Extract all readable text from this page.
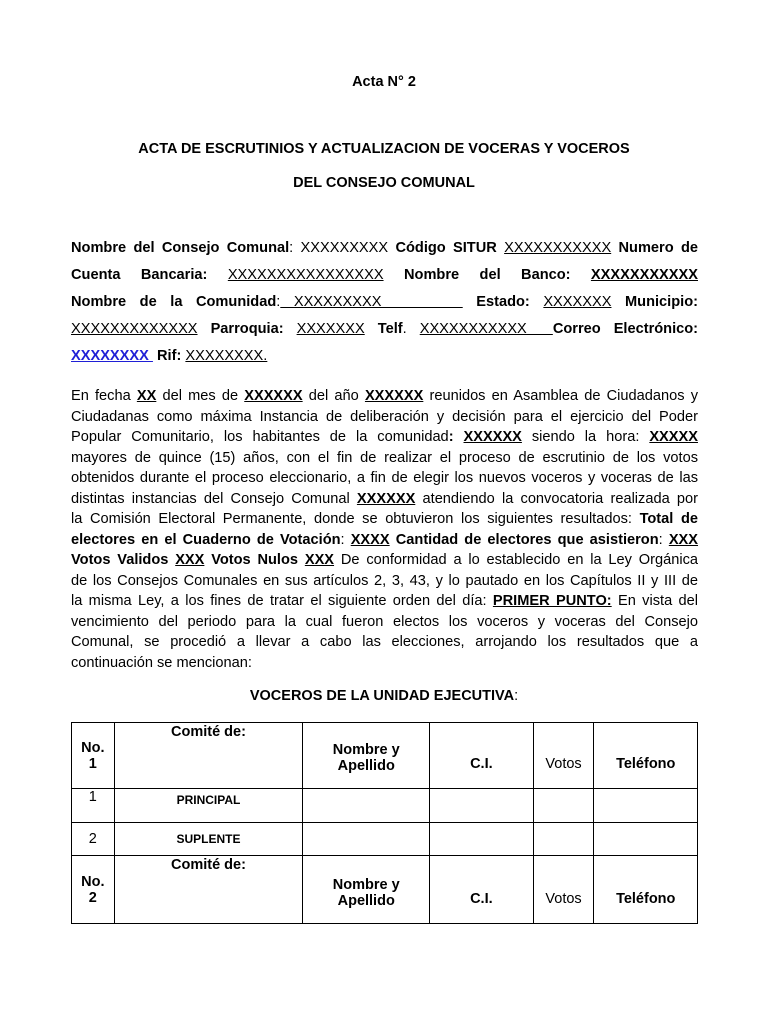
Acta N° 2
ACTA DE ESCRUTINIOS Y ACTUALIZACION DE VOCERAS Y VOCEROS
DEL CONSEJO COMUNAL
Nombre del Consejo Comunal: XXXXXXXXX Código SITUR XXXXXXXXXXX Numero de
Cuenta Bancaria: XXXXXXXXXXXXXXXX Nombre del Banco: XXXXXXXXXXX
Nombre de la Comunidad: XXXXXXXXX       Estado: XXXXXXX Municipio:
XXXXXXXXXXXXX Parroquia: XXXXXXX Telf. XXXXXXXXXXX  Correo Electrónico:
XXXXXXXX  Rif: XXXXXXXX.
En fecha XX del mes de XXXXXX del año XXXXXX reunidos en Asamblea de Ciudadanos y
Ciudadanas como máxima Instancia de deliberación y decisión para el ejercicio del Poder
Popular Comunitario, los habitantes de la comunidad: XXXXXX siendo la hora: XXXXX
mayores de quince (15) años, con el fin de realizar el proceso de escrutinio de los votos
obtenidos durante el proceso eleccionario, a fin de elegir los nuevos voceros y voceras de las
distintas instancias del Consejo Comunal XXXXXX atendiendo la convocatoria realizada por
la Comisión Electoral Permanente, donde se obtuvieron los siguientes resultados: Total de
electores en el Cuaderno de Votación: XXXX Cantidad de electores que asistieron: XXX
Votos Validos XXX Votos Nulos XXX De conformidad a lo establecido en la Ley Orgánica
de los Consejos Comunales en sus artículos 2, 3, 43, y lo pautado en los Capítulos II y III de
la misma Ley, a los fines de tratar el siguiente orden del día: PRIMER PUNTO: En vista del
vencimiento del periodo para la cual fueron electos los voceros y voceras del Consejo
Comunal, se procedió a llevar a cabo las elecciones, arrojando los resultados que a
continuación se mencionan:
VOCEROS DE LA UNIDAD EJECUTIVA:
No.
1	Comité de:	Nombre y Apellido	C.I.	Votos	Teléfono
1	PRINCIPAL				
2	SUPLENTE				
No.
2	Comité de:	Nombre y Apellido	C.I.	Votos	Teléfono
